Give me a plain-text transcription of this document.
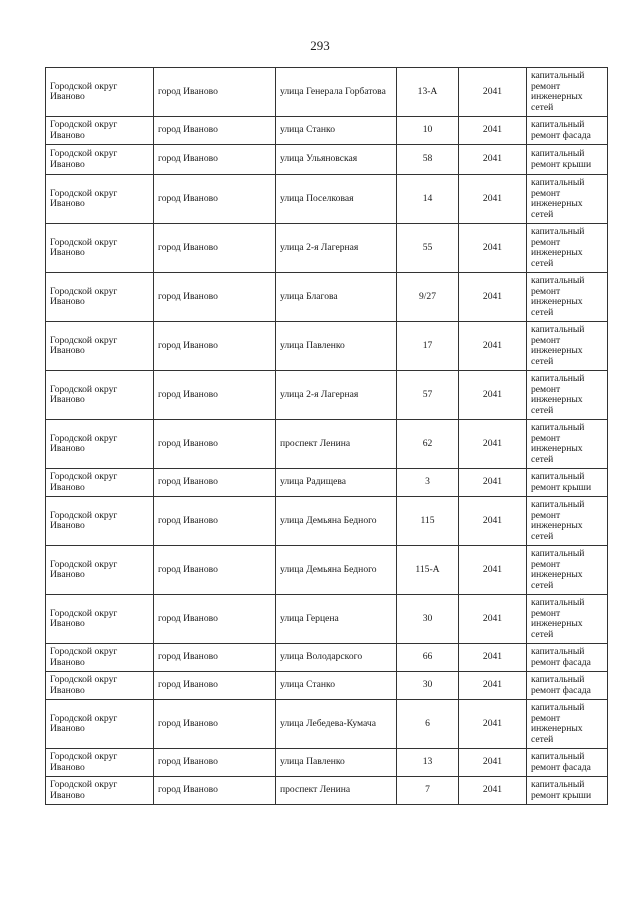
293
Городской округ Иваново	город Иваново	улица Генерала Горбатова	13-А	2041	капитальный ремонт инженерных сетей
Городской округ Иваново	город Иваново	улица Станко	10	2041	капитальный ремонт фасада
Городской округ Иваново	город Иваново	улица Ульяновская	58	2041	капитальный ремонт крыши
Городской округ Иваново	город Иваново	улица Поселковая	14	2041	капитальный ремонт инженерных сетей
Городской округ Иваново	город Иваново	улица 2-я Лагерная	55	2041	капитальный ремонт инженерных сетей
Городской округ Иваново	город Иваново	улица Благова	9/27	2041	капитальный ремонт инженерных сетей
Городской округ Иваново	город Иваново	улица Павленко	17	2041	капитальный ремонт инженерных сетей
Городской округ Иваново	город Иваново	улица 2-я Лагерная	57	2041	капитальный ремонт инженерных сетей
Городской округ Иваново	город Иваново	проспект Ленина	62	2041	капитальный ремонт инженерных сетей
Городской округ Иваново	город Иваново	улица Радищева	3	2041	капитальный ремонт крыши
Городской округ Иваново	город Иваново	улица Демьяна Бедного	115	2041	капитальный ремонт инженерных сетей
Городской округ Иваново	город Иваново	улица Демьяна Бедного	115-А	2041	капитальный ремонт инженерных сетей
Городской округ Иваново	город Иваново	улица Герцена	30	2041	капитальный ремонт инженерных сетей
Городской округ Иваново	город Иваново	улица Володарского	66	2041	капитальный ремонт фасада
Городской округ Иваново	город Иваново	улица Станко	30	2041	капитальный ремонт фасада
Городской округ Иваново	город Иваново	улица Лебедева-Кумача	6	2041	капитальный ремонт инженерных сетей
Городской округ Иваново	город Иваново	улица Павленко	13	2041	капитальный ремонт фасада
Городской округ Иваново	город Иваново	проспект Ленина	7	2041	капитальный ремонт крыши
